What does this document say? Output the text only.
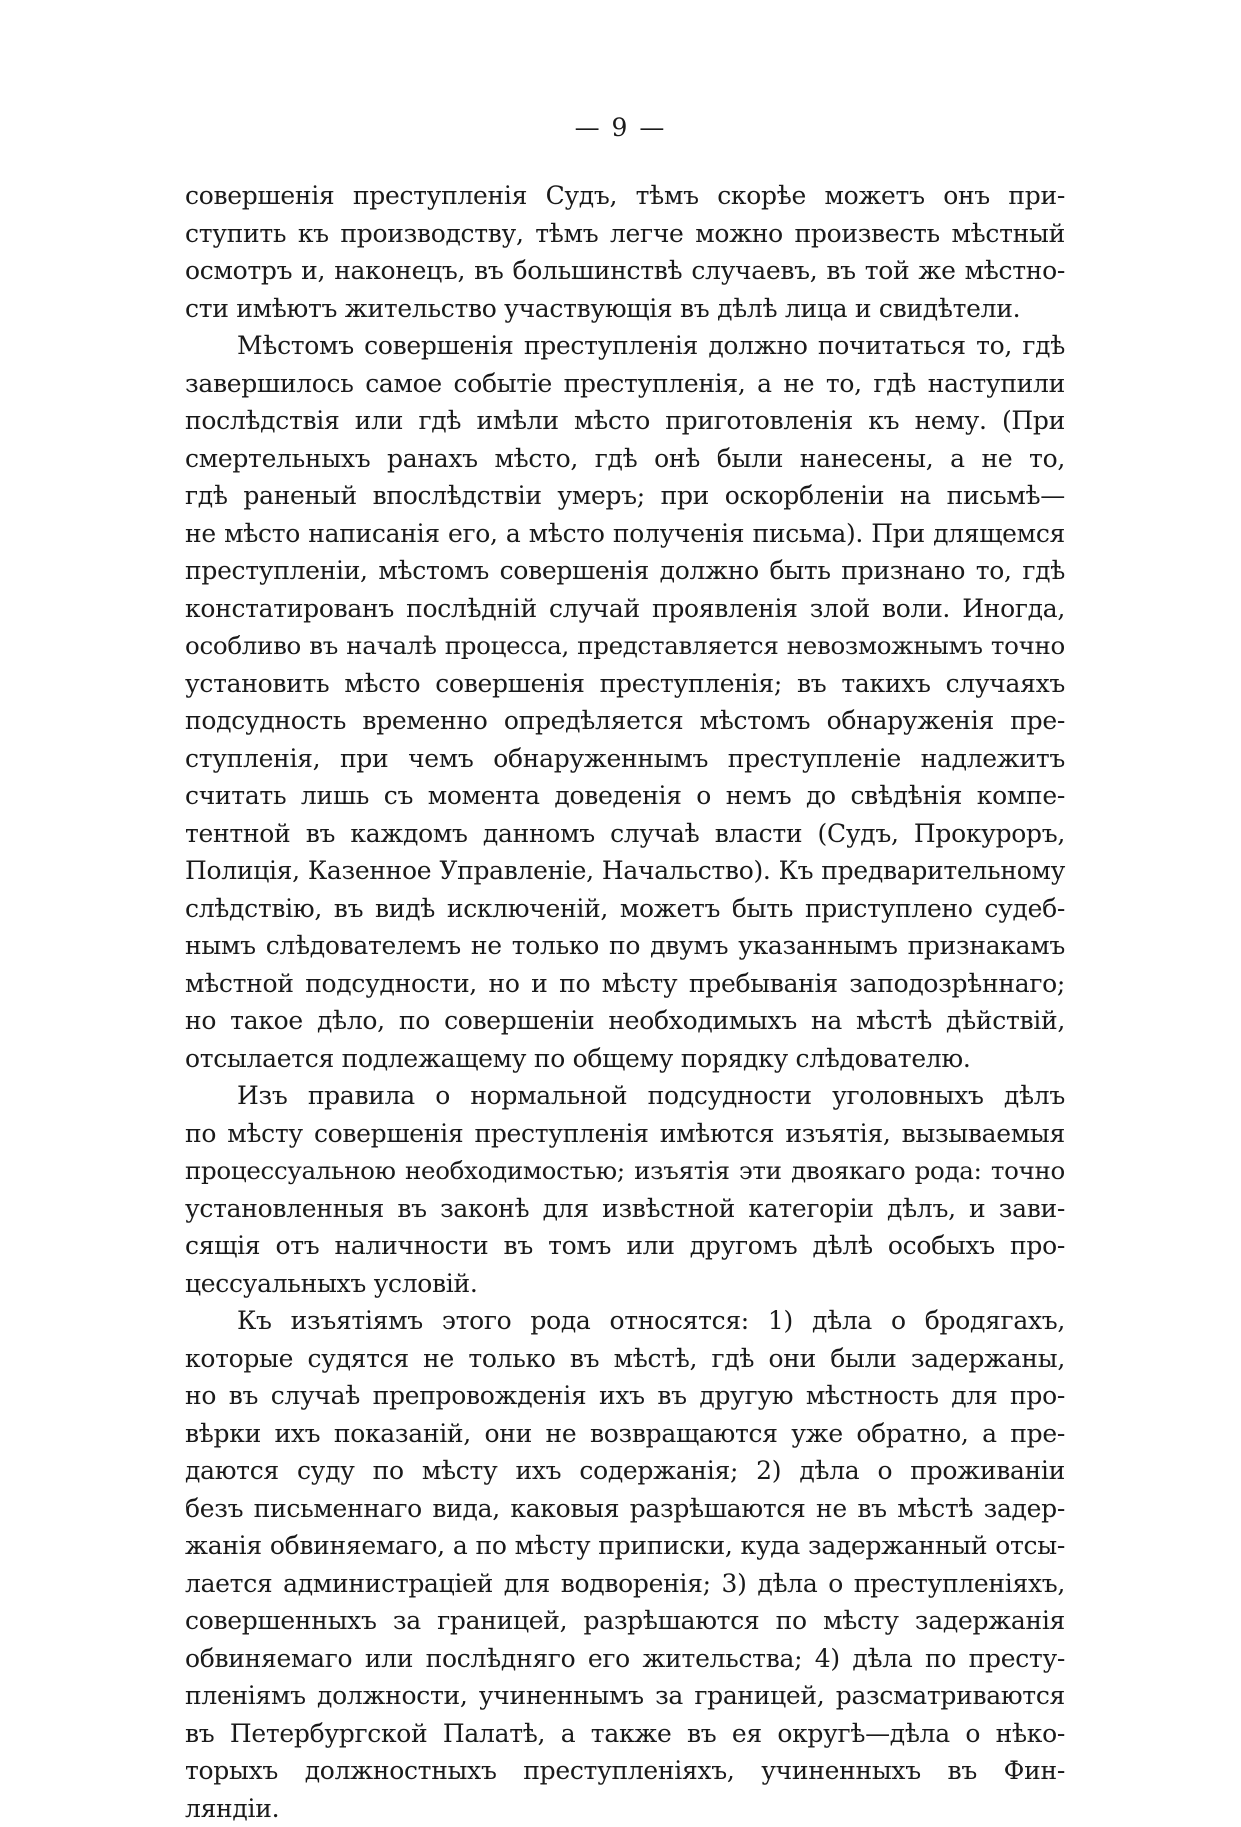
— 9 —
совершенія преступленія Судъ, тѣмъ скорѣе можетъ онъ при-
ступить къ производству, тѣмъ легче можно произвесть мѣстный
осмотръ и, наконецъ, въ большинствѣ случаевъ, въ той же мѣстно-
сти имѣютъ жительство участвующія въ дѣлѣ лица и свидѣтели.
Мѣстомъ совершенія преступленія должно почитаться то, гдѣ
завершилось самое событіе преступленія, а не то, гдѣ наступили
послѣдствія или гдѣ имѣли мѣсто приготовленія къ нему. (При
смертельныхъ ранахъ мѣсто, гдѣ онѣ были нанесены, а не то,
гдѣ раненый впослѣдствіи умеръ; при оскорбленіи на письмѣ—
не мѣсто написанія его, а мѣсто полученія письма). При длящемся
преступленіи, мѣстомъ совершенія должно быть признано то, гдѣ
констатированъ послѣдній случай проявленія злой воли. Иногда,
особливо въ началѣ процесса, представляется невозможнымъ точно
установить мѣсто совершенія преступленія; въ такихъ случаяхъ
подсудность временно опредѣляется мѣстомъ обнаруженія пре-
ступленія, при чемъ обнаруженнымъ преступленіе надлежитъ
считать лишь съ момента доведенія о немъ до свѣдѣнія компе-
тентной въ каждомъ данномъ случаѣ власти (Судъ, Прокуроръ,
Полиція, Казенное Управленіе, Начальство). Къ предварительному
слѣдствію, въ видѣ исключеній, можетъ быть приступлено судеб-
нымъ слѣдователемъ не только по двумъ указаннымъ признакамъ
мѣстной подсудности, но и по мѣсту пребыванія заподозрѣннаго;
но такое дѣло, по совершеніи необходимыхъ на мѣстѣ дѣйствій,
отсылается подлежащему по общему порядку слѣдователю.
Изъ правила о нормальной подсудности уголовныхъ дѣлъ
по мѣсту совершенія преступленія имѣются изъятія, вызываемыя
процессуальною необходимостью; изъятія эти двоякаго рода: точно
установленныя въ законѣ для извѣстной категоріи дѣлъ, и зави-
сящія отъ наличности въ томъ или другомъ дѣлѣ особыхъ про-
цессуальныхъ условій.
Къ изъятіямъ этого рода относятся: 1) дѣла о бродягахъ,
которые судятся не только въ мѣстѣ, гдѣ они были задержаны,
но въ случаѣ препровожденія ихъ въ другую мѣстность для про-
вѣрки ихъ показаній, они не возвращаются уже обратно, а пре-
даются суду по мѣсту ихъ содержанія; 2) дѣла о проживаніи
безъ письменнаго вида, каковыя разрѣшаются не въ мѣстѣ задер-
жанія обвиняемаго, а по мѣсту приписки, куда задержанный отсы-
лается администраціей для водворенія; 3) дѣла о преступленіяхъ,
совершенныхъ за границей, разрѣшаются по мѣсту задержанія
обвиняемаго или послѣдняго его жительства; 4) дѣла по престу-
пленіямъ должности, учиненнымъ за границей, разсматриваются
въ Петербургской Палатѣ, а также въ ея округѣ—дѣла о нѣко-
торыхъ должностныхъ преступленіяхъ, учиненныхъ въ Фин-
ляндіи.
